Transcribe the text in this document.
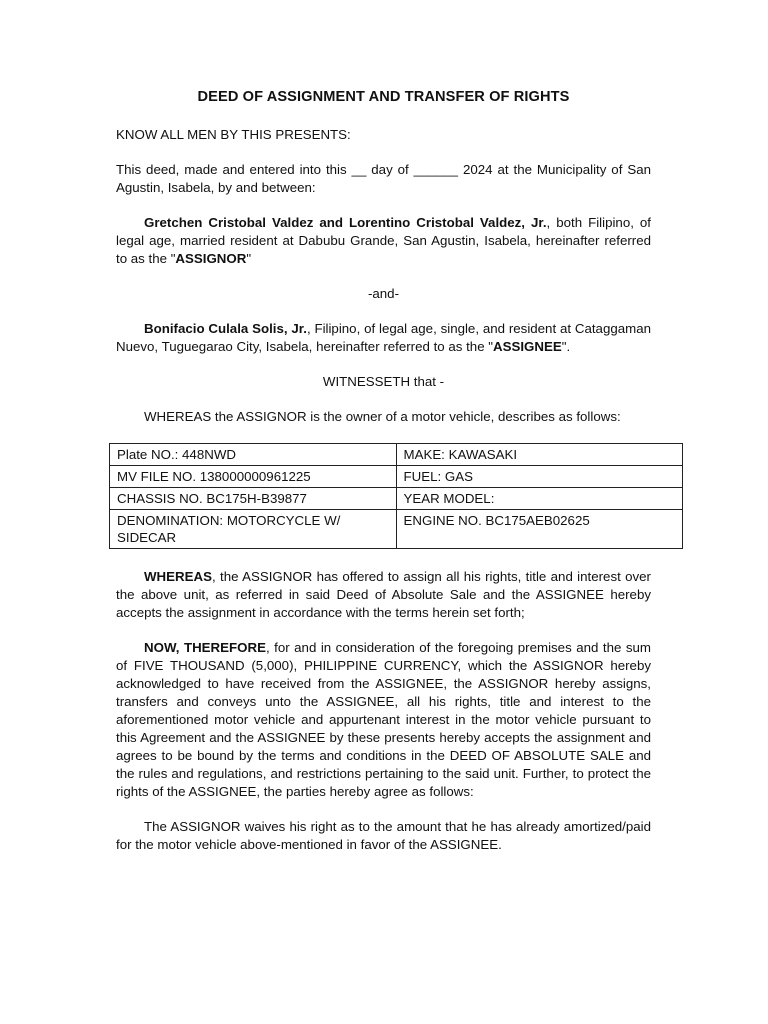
DEED OF ASSIGNMENT AND TRANSFER OF RIGHTS

KNOW ALL MEN BY THIS PRESENTS:

This deed, made and entered into this __ day of ______ 2024 at the Municipality of San Agustin, Isabela, by and between:

Gretchen Cristobal Valdez and Lorentino Cristobal Valdez, Jr., both Filipino, of legal age, married resident at Dabubu Grande, San Agustin, Isabela, hereinafter referred to as the "ASSIGNOR"

-and-

Bonifacio Culala Solis, Jr., Filipino, of legal age, single, and resident at Cataggaman Nuevo, Tuguegarao City, Isabela, hereinafter referred to as the "ASSIGNEE".

WITNESSETH that -

WHEREAS the ASSIGNOR is the owner of a motor vehicle, describes as follows:

Plate NO.: 448NWD	MAKE: KAWASAKI
MV FILE NO. 138000000961225	FUEL: GAS
CHASSIS NO. BC175H-B39877	YEAR MODEL:
DENOMINATION: MOTORCYCLE W/ SIDECAR	ENGINE NO. BC175AEB02625

WHEREAS, the ASSIGNOR has offered to assign all his rights, title and interest over the above unit, as referred in said Deed of Absolute Sale and the ASSIGNEE hereby accepts the assignment in accordance with the terms herein set forth;

NOW, THEREFORE, for and in consideration of the foregoing premises and the sum of FIVE THOUSAND (5,000), PHILIPPINE CURRENCY, which the ASSIGNOR hereby acknowledged to have received from the ASSIGNEE, the ASSIGNOR hereby assigns, transfers and conveys unto the ASSIGNEE, all his rights, title and interest to the aforementioned motor vehicle and appurtenant interest in the motor vehicle pursuant to this Agreement and the ASSIGNEE by these presents hereby accepts the assignment and agrees to be bound by the terms and conditions in the DEED OF ABSOLUTE SALE and the rules and regulations, and restrictions pertaining to the said unit. Further, to protect the rights of the ASSIGNEE, the parties hereby agree as follows:

The ASSIGNOR waives his right as to the amount that he has already amortized/paid for the motor vehicle above-mentioned in favor of the ASSIGNEE.
